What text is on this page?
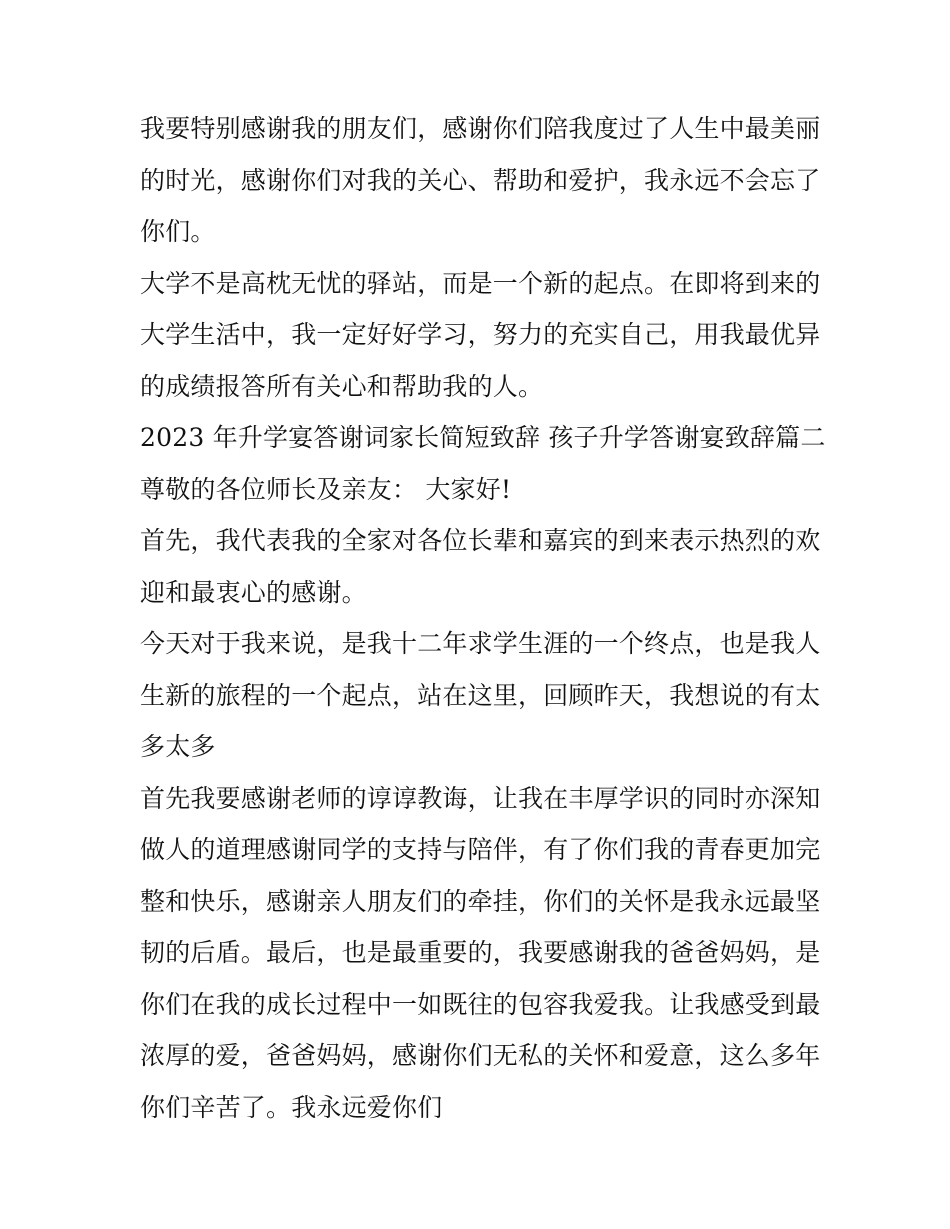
我要特别感谢我的朋友们，感谢你们陪我度过了人生中最美丽
的时光，感谢你们对我的关心、帮助和爱护，我永远不会忘了
你们。
大学不是高枕无忧的驿站，而是一个新的起点。在即将到来的
大学生活中，我一定好好学习，努力的充实自己，用我最优异
的成绩报答所有关心和帮助我的人。
2023 年升学宴答谢词家长简短致辞 孩子升学答谢宴致辞篇二
尊敬的各位师长及亲友： 大家好!
首先，我代表我的全家对各位长辈和嘉宾的到来表示热烈的欢
迎和最衷心的感谢。
今天对于我来说，是我十二年求学生涯的一个终点，也是我人
生新的旅程的一个起点，站在这里，回顾昨天，我想说的有太
多太多
首先我要感谢老师的谆谆教诲，让我在丰厚学识的同时亦深知
做人的道理感谢同学的支持与陪伴，有了你们我的青春更加完
整和快乐，感谢亲人朋友们的牵挂，你们的关怀是我永远最坚
韧的后盾。最后，也是最重要的，我要感谢我的爸爸妈妈，是
你们在我的成长过程中一如既往的包容我爱我。让我感受到最
浓厚的爱，爸爸妈妈，感谢你们无私的关怀和爱意，这么多年
你们辛苦了。我永远爱你们
